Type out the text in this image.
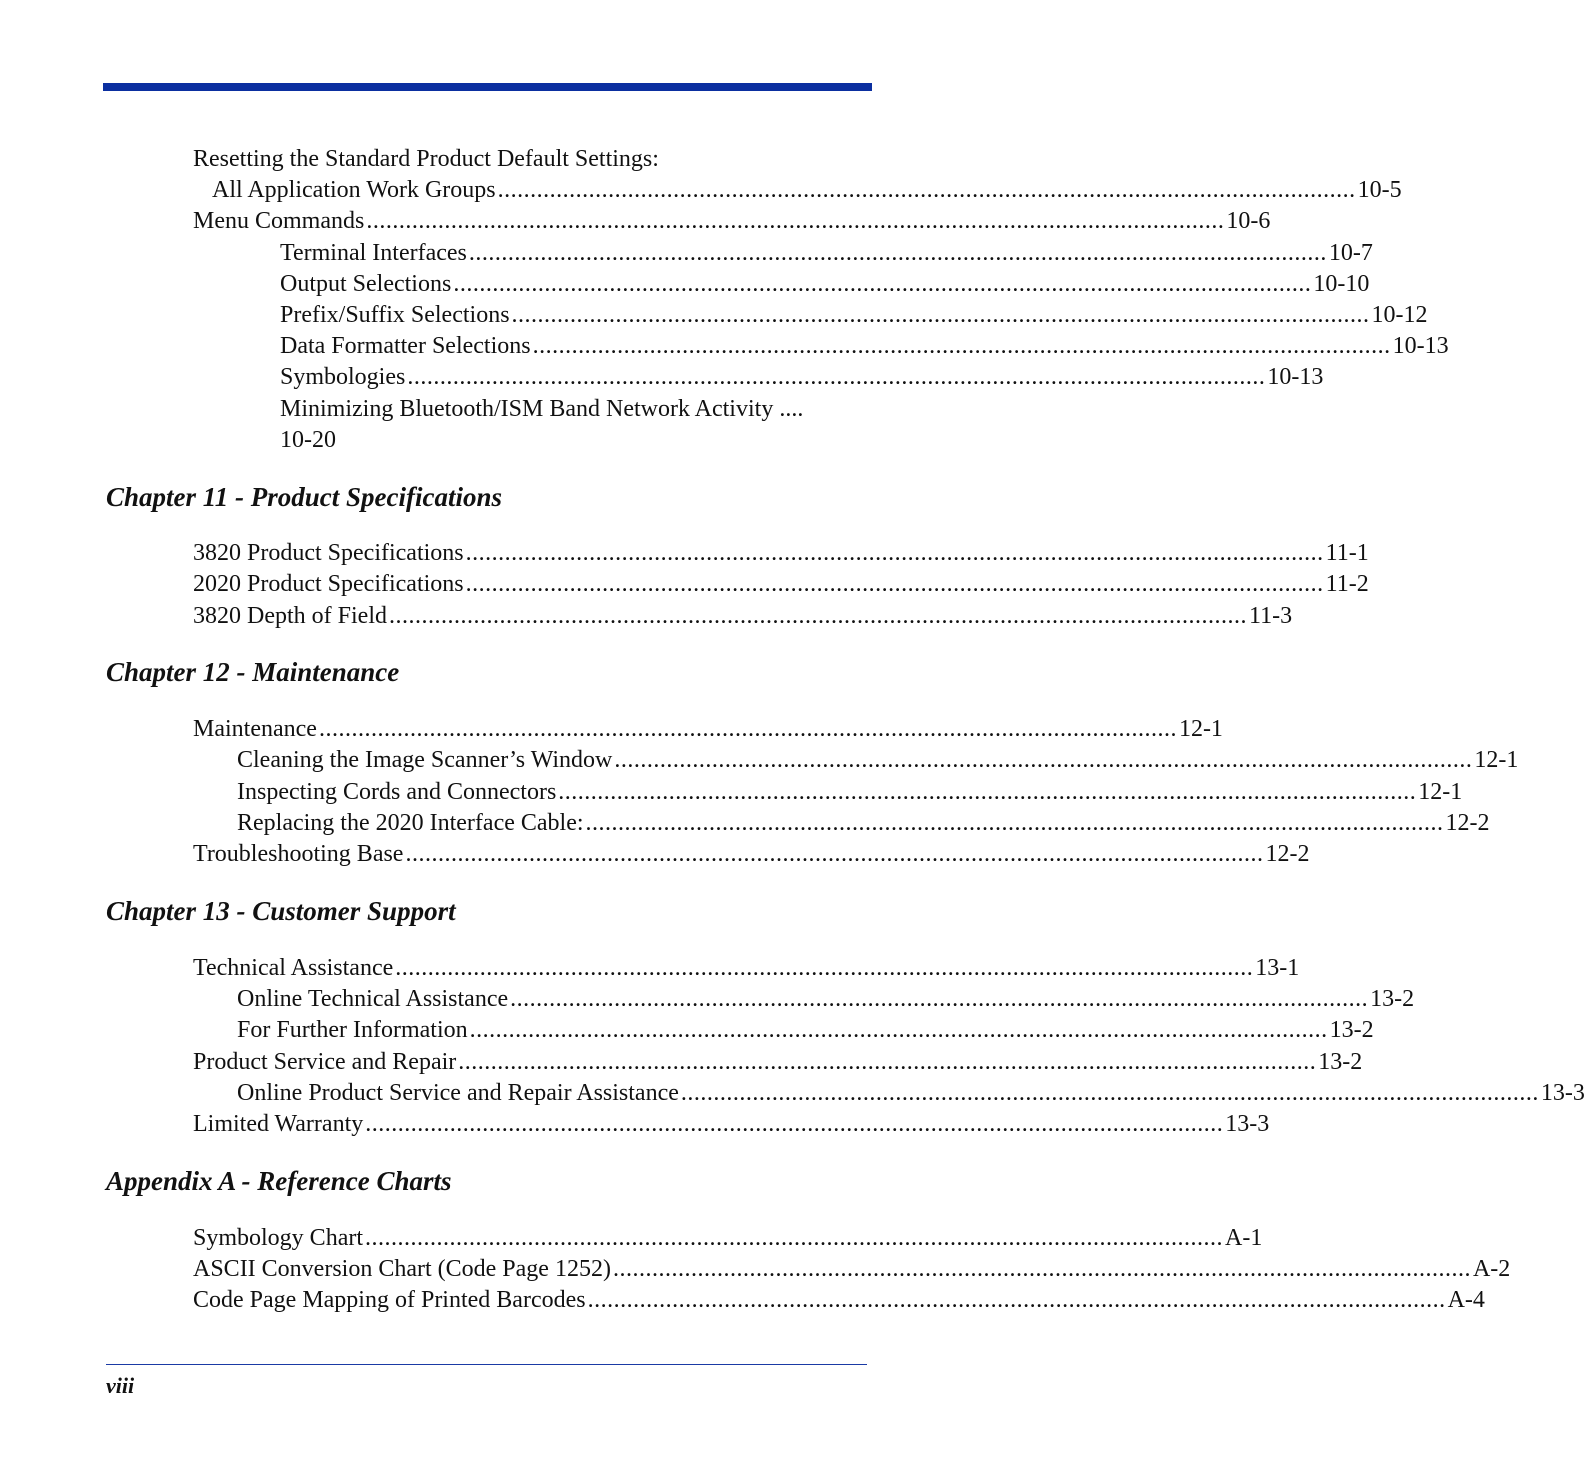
Resetting the Standard Product Default Settings:
All Application Work Groups .................................................................................................................................... 10-5
Menu Commands .................................................................................................................................... 10-6
Terminal Interfaces .................................................................................................................................... 10-7
Output Selections .................................................................................................................................... 10-10
Prefix/Suffix Selections .................................................................................................................................... 10-12
Data Formatter Selections .................................................................................................................................... 10-13
Symbologies .................................................................................................................................... 10-13
Minimizing Bluetooth/ISM Band Network Activity ....
10-20
Chapter 11 - Product Specifications
3820 Product Specifications .................................................................................................................................... 11-1
2020 Product Specifications .................................................................................................................................... 11-2
3820 Depth of Field .................................................................................................................................... 11-3
Chapter 12 - Maintenance
Maintenance .................................................................................................................................... 12-1
Cleaning the Image Scanner’s Window .................................................................................................................................... 12-1
Inspecting Cords and Connectors .................................................................................................................................... 12-1
Replacing the 2020 Interface Cable: .................................................................................................................................... 12-2
Troubleshooting Base .................................................................................................................................... 12-2
Chapter 13 - Customer Support
Technical Assistance .................................................................................................................................... 13-1
Online Technical Assistance .................................................................................................................................... 13-2
For Further Information .................................................................................................................................... 13-2
Product Service and Repair .................................................................................................................................... 13-2
Online Product Service and Repair Assistance .................................................................................................................................... 13-3
Limited Warranty .................................................................................................................................... 13-3
Appendix A - Reference Charts
Symbology Chart .................................................................................................................................... A-1
ASCII Conversion Chart (Code Page 1252) .................................................................................................................................... A-2
Code Page Mapping of Printed Barcodes .................................................................................................................................... A-4
viii
